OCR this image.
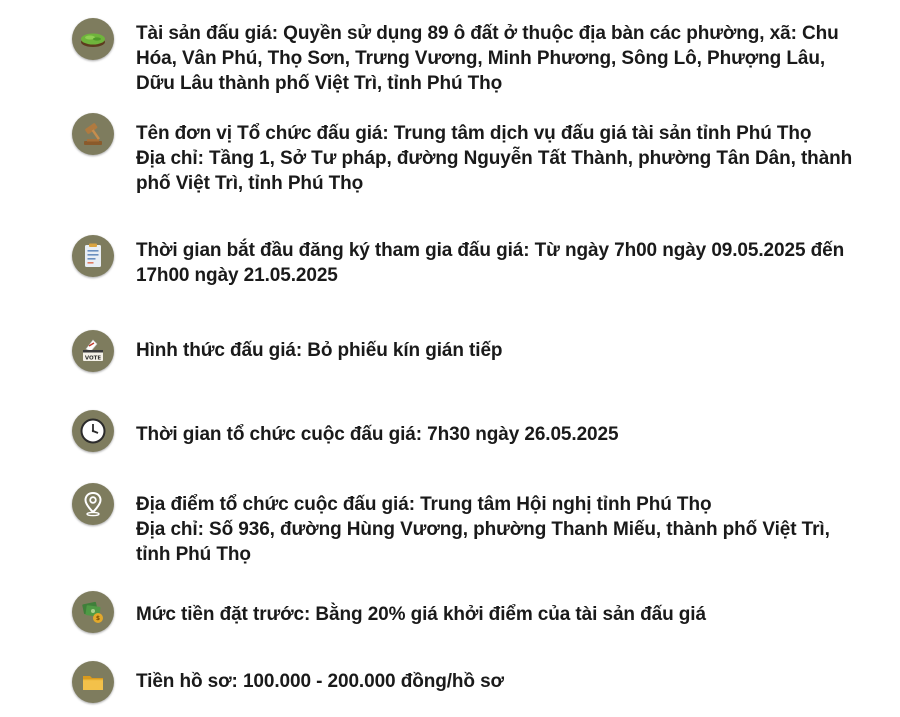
Tài sản đấu giá: Quyền sử dụng 89 ô đất ở thuộc địa bàn các phường, xã: Chu Hóa, Vân Phú, Thọ Sơn, Trưng Vương, Minh Phương, Sông Lô, Phượng Lâu, Dữu Lâu thành phố Việt Trì, tỉnh Phú Thọ

Tên đơn vị Tổ chức đấu giá: Trung tâm dịch vụ đấu giá tài sản tỉnh Phú Thọ

Địa chỉ: Tầng 1, Sở Tư pháp, đường Nguyễn Tất Thành, phường Tân Dân, thành phố Việt Trì, tỉnh Phú Thọ

Thời gian bắt đầu đăng ký tham gia đấu giá: Từ ngày 7h00 ngày 09.05.2025 đến 17h00 ngày 21.05.2025

VOTE Hình thức đấu giá: Bỏ phiếu kín gián tiếp

Thời gian tổ chức cuộc đấu giá: 7h30 ngày 26.05.2025

Địa điểm tổ chức cuộc đấu giá: Trung tâm Hội nghị tỉnh Phú Thọ

Địa chỉ: Số 936, đường Hùng Vương, phường Thanh Miếu, thành phố Việt Trì, tỉnh Phú Thọ

$ Mức tiền đặt trước: Bằng 20% giá khởi điểm của tài sản đấu giá

Tiền hồ sơ: 100.000 - 200.000 đồng/hồ sơ
